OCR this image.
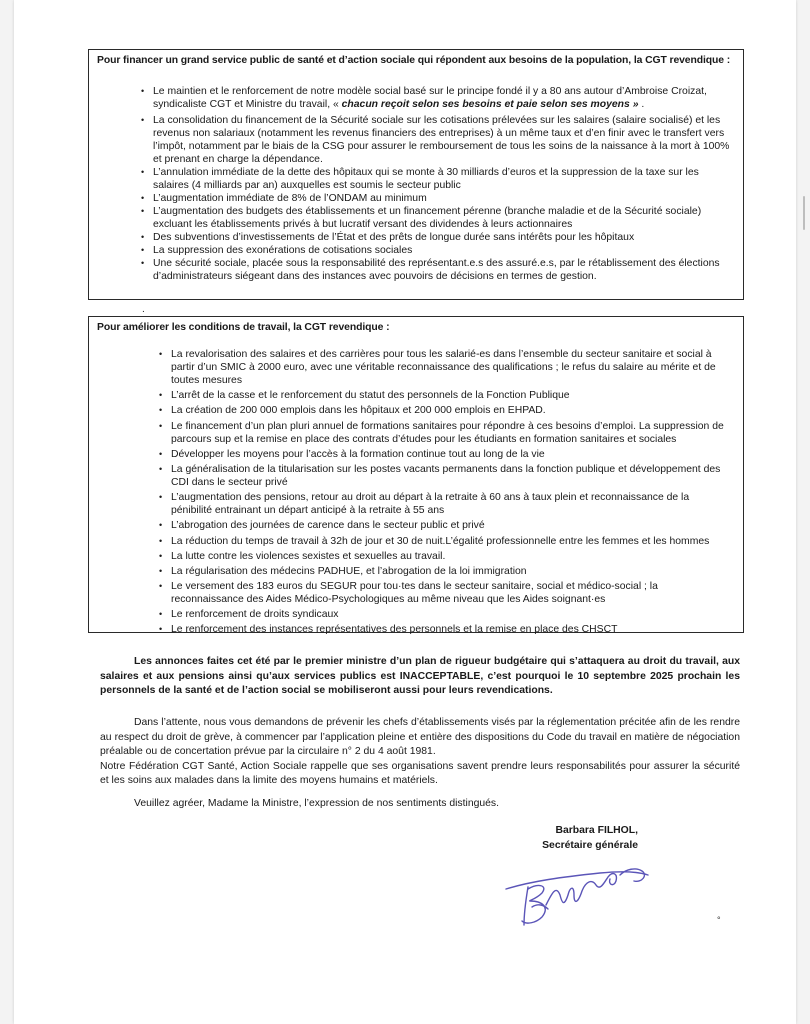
Pour financer un grand service public de santé et d’action sociale qui répondent aux besoins de la population, la CGT revendique :
• Le maintien et le renforcement de notre modèle social basé sur le principe fondé il y a 80 ans autour d’Ambroise Croizat, syndicaliste CGT et Ministre du travail, « chacun reçoit selon ses besoins et paie selon ses moyens » .
• La consolidation du financement de la Sécurité sociale sur les cotisations prélevées sur les salaires (salaire socialisé) et les revenus non salariaux (notamment les revenus financiers des entreprises) à un même taux et d’en finir avec le transfert vers l’impôt, notamment par le biais de la CSG pour assurer le remboursement de tous les soins de la naissance à la mort à 100% et prenant en charge la dépendance.
• L’annulation immédiate de la dette des hôpitaux qui se monte à 30 milliards d’euros et la suppression de la taxe sur les salaires (4 milliards par an) auxquelles est soumis le secteur public
• L’augmentation immédiate de 8% de l’ONDAM au minimum
• L’augmentation des budgets des établissements et un financement pérenne (branche maladie et de la Sécurité sociale) excluant les établissements privés à but lucratif versant des dividendes à leurs actionnaires
• Des subventions d’investissements de l’État et des prêts de longue durée sans intérêts pour les hôpitaux
• La suppression des exonérations de cotisations sociales
• Une sécurité sociale, placée sous la responsabilité des représentant.e.s des assuré.e.s, par le rétablissement des élections d’administrateurs siégeant dans des instances avec pouvoirs de décisions en termes de gestion.
.
Pour améliorer les conditions de travail, la CGT revendique :
• La revalorisation des salaires et des carrières pour tous les salarié-es dans l’ensemble du secteur sanitaire et social à partir d’un SMIC à 2000 euro, avec une véritable reconnaissance des qualifications ; le refus du salaire au mérite et de toutes mesures
• L’arrêt de la casse et le renforcement du statut des personnels de la Fonction Publique
• La création de 200 000 emplois dans les hôpitaux et 200 000 emplois en EHPAD.
• Le financement d’un plan pluri annuel de formations sanitaires pour répondre à ces besoins d’emploi. La suppression de parcours sup et la remise en place des contrats d’études pour les étudiants en formation sanitaires et sociales
• Développer les moyens pour l’accès à la formation continue tout au long de la vie
• La généralisation de la titularisation sur les postes vacants permanents dans la fonction publique et développement des CDI dans le secteur privé
• L’augmentation des pensions, retour au droit au départ à la retraite à 60 ans à taux plein et reconnaissance de la pénibilité entrainant un départ anticipé à la retraite à 55 ans
• L’abrogation des journées de carence dans le secteur public et privé
• La réduction du temps de travail à 32h de jour et 30 de nuit.L’égalité professionnelle entre les femmes et les hommes
• La lutte contre les violences sexistes et sexuelles au travail.
• La régularisation des médecins PADHUE, et l’abrogation de la loi immigration
• Le versement des 183 euros du SEGUR pour tou·tes dans le secteur sanitaire, social et médico-social ; la reconnaissance des Aides Médico-Psychologiques au même niveau que les Aides soignant·es
• Le renforcement de droits syndicaux
• Le renforcement des instances représentatives des personnels et la remise en place des CHSCT
Les annonces faites cet été par le premier ministre d’un plan de rigueur budgétaire qui s’attaquera au droit du travail, aux salaires et aux pensions ainsi qu’aux services publics est INACCEPTABLE, c’est pourquoi le 10 septembre 2025 prochain les personnels de la santé et de l’action social se mobiliseront aussi pour leurs revendications.
Dans l’attente, nous vous demandons de prévenir les chefs d’établissements visés par la réglementation précitée afin de les rendre au respect du droit de grève, à commencer par l’application pleine et entière des dispositions du Code du travail en matière de négociation préalable ou de concertation prévue par la circulaire n° 2 du 4 août 1981.
Notre Fédération CGT Santé, Action Sociale rappelle que ses organisations savent prendre leurs responsabilités pour assurer la sécurité et les soins aux malades dans la limite des moyens humains et matériels.
Veuillez agréer, Madame la Ministre, l’expression de nos sentiments distingués.
Barbara FILHOL,
Secrétaire générale
°
